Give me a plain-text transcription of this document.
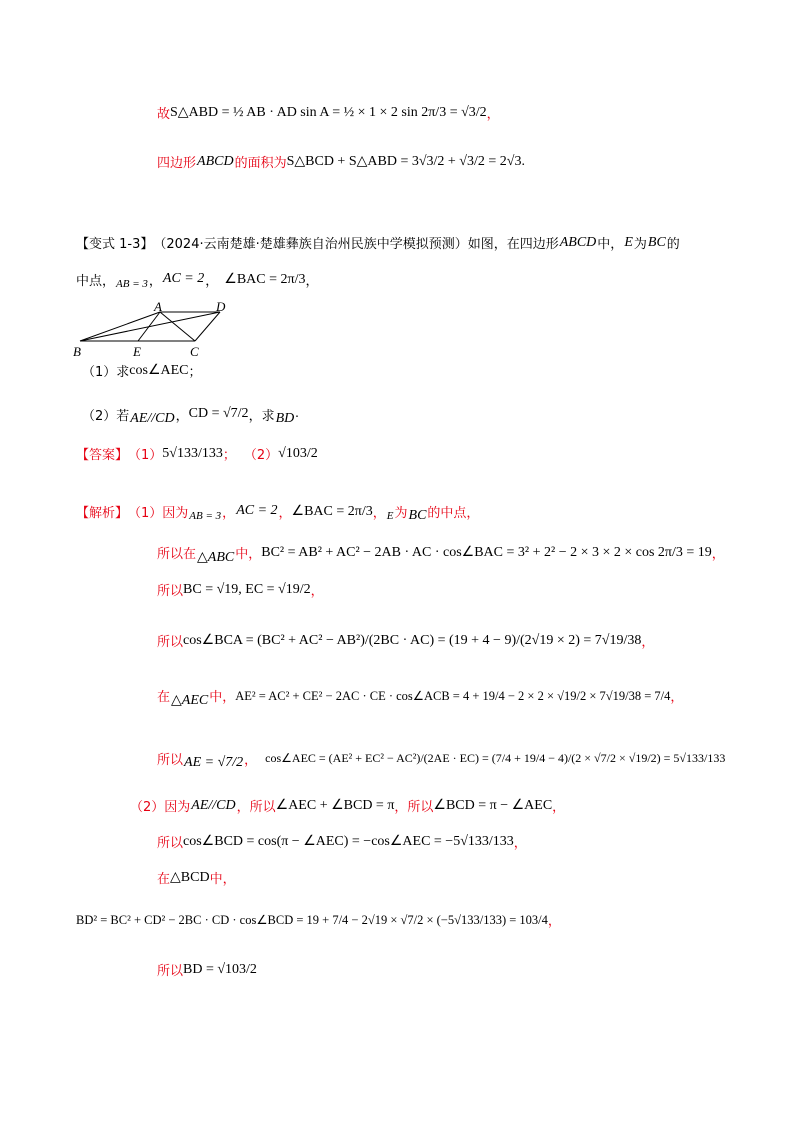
故 S△ABD = ½ AB · AD sin A = ½ × 1 × 2 sin 2π/3 = √3/2 ，
四边形 ABCD 的面积为 S△BCD + S△ABD = 3√3/2 + √3/2 = 2√3 .
【变式 1-3】 （2024·云南楚雄·楚雄彝族自治州民族中学模拟预测）如图，在四边形 ABCD 中， E 为 BC 的
中点， AB = 3 ， AC = 2 ， ∠BAC = 2π/3 ，
A	D
B	E	C
（1）求 cos∠AEC ；
（2）若 AE//CD ， CD = √7/2 ，求 BD .
【答案】 （1） 5√133/133 ； （2） √103/2
【解析】 （1）因为 AB = 3 ， AC = 2 ， ∠BAC = 2π/3 ， E 为 BC 的中点，
所以在 △ABC 中， BC² = AB² + AC² − 2AB · AC · cos∠BAC = 3² + 2² − 2 × 3 × 2 × cos 2π/3 = 19 ，
所以 BC = √19, EC = √19/2 ，
所以 cos∠BCA = (BC² + AC² − AB²)/(2BC · AC) = (19 + 4 − 9)/(2√19 × 2) = 7√19/38 ，
在 △AEC 中， AE² = AC² + CE² − 2AC · CE · cos∠ACB = 4 + 19/4 − 2 × 2 × √19/2 × 7√19/38 = 7/4 ，
所以 AE = √7/2 ， cos∠AEC = (AE² + EC² − AC²)/(2AE · EC) = (7/4 + 19/4 − 4)/(2 × √7/2 × √19/2) = 5√133/133
（2）因为 AE//CD ，所以 ∠AEC + ∠BCD = π ，所以 ∠BCD = π − ∠AEC ，
所以 cos∠BCD = cos(π − ∠AEC) = −cos∠AEC = −5√133/133 ，
在 △BCD 中，
BD² = BC² + CD² − 2BC · CD · cos∠BCD = 19 + 7/4 − 2√19 × √7/2 × (−5√133/133) = 103/4 ，
所以 BD = √103/2
